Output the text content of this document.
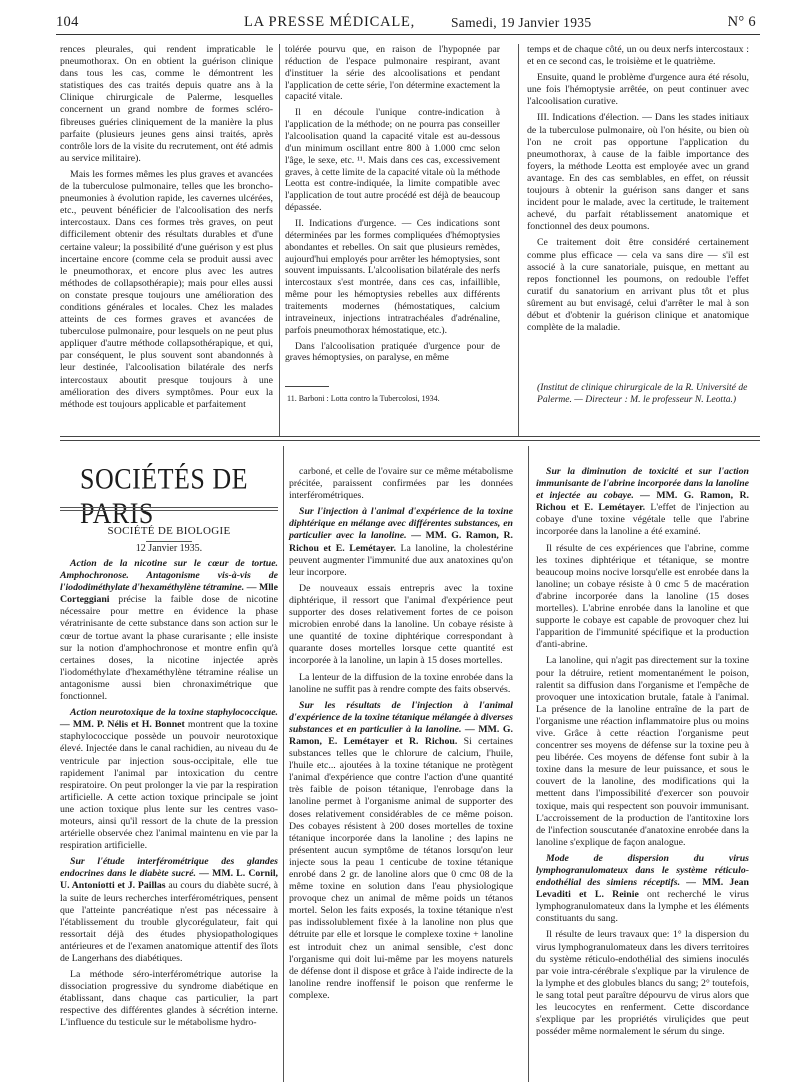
104	LA PRESSE MÉDICALE,	Samedi, 19 Janvier 1935	N° 6

rences pleurales, qui rendent impraticable le pneumothorax. On en obtient la guérison clinique dans tous les cas, comme le démontrent les statistiques des cas traités depuis quatre ans à la Clinique chirurgicale de Palerme, lesquelles concernent un grand nombre de formes scléro-fibreuses guéries cliniquement de la manière la plus parfaite (plusieurs jeunes gens ainsi traités, après contrôle lors de la visite du recrutement, ont été admis au service militaire).

Mais les formes mêmes les plus graves et avancées de la tuberculose pulmonaire, telles que les broncho-pneumonies à évolution rapide, les cavernes ulcérées, etc., peuvent bénéficier de l'alcoolisation des nerfs intercostaux. Dans ces formes très graves, on peut difficilement obtenir des résultats durables et d'une certaine valeur; la possibilité d'une guérison y est plus incertaine encore (comme cela se produit aussi avec le pneumothorax, et encore plus avec les autres méthodes de collapsothérapie); mais pour elles aussi on constate presque toujours une amélioration des conditions générales et locales. Chez les malades atteints de ces formes graves et avancées de tuberculose pulmonaire, pour lesquels on ne peut plus appliquer d'autre méthode collapsothérapique, et qui, par conséquent, le plus souvent sont abandonnés à leur destinée, l'alcoolisation bilatérale des nerfs intercostaux aboutit presque toujours à une amélioration des divers symptômes. Pour eux la méthode est toujours applicable et parfaitement

tolérée pourvu que, en raison de l'hypopnée par réduction de l'espace pulmonaire respirant, avant d'instituer la série des alcoolisations et pendant l'application de cette série, l'on détermine exactement la capacité vitale.

Il en découle l'unique contre-indication à l'application de la méthode; on ne pourra pas conseiller l'alcoolisation quand la capacité vitale est au-dessous d'un minimum oscillant entre 800 à 1.000 cmc selon l'âge, le sexe, etc. ¹¹. Mais dans ces cas, excessivement graves, à cette limite de la capacité vitale où la méthode Leotta est contre-indiquée, la limite compatible avec l'application de tout autre procédé est déjà de beaucoup dépassée.

II. Indications d'urgence. — Ces indications sont déterminées par les formes compliquées d'hémoptysies abondantes et rebelles. On sait que plusieurs remèdes, aujourd'hui employés pour arrêter les hémoptysies, sont souvent impuissants. L'alcoolisation bilatérale des nerfs intercostaux s'est montrée, dans ces cas, infaillible, même pour les hémoptysies rebelles aux différents traitements modernes (hémostatiques, calcium intraveineux, injections intratrachéales d'adrénaline, parfois pneumothorax hémostatique, etc.).

Dans l'alcoolisation pratiquée d'urgence pour de graves hémoptysies, on paralyse, en même

11. Barboni : Lotta contro la Tubercolosi, 1934.

temps et de chaque côté, un ou deux nerfs intercostaux : et en ce second cas, le troisième et le quatrième.

Ensuite, quand le problème d'urgence aura été résolu, une fois l'hémoptysie arrêtée, on peut continuer avec l'alcoolisation curative.

III. Indications d'élection. — Dans les stades initiaux de la tuberculose pulmonaire, où l'on hésite, ou bien où l'on ne croit pas opportune l'application du pneumothorax, à cause de la faible importance des foyers, la méthode Leotta est employée avec un grand avantage. En des cas semblables, en effet, on réussit toujours à obtenir la guérison sans danger et sans incident pour le malade, avec la certitude, le traitement achevé, du parfait rétablissement anatomique et fonctionnel des deux poumons.

Ce traitement doit être considéré certainement comme plus efficace — cela va sans dire — s'il est associé à la cure sanatoriale, puisque, en mettant au repos fonctionnel les poumons, on redouble l'effet curatif du sanatorium en arrivant plus tôt et plus sûrement au but envisagé, celui d'arrêter le mal à son début et d'obtenir la guérison clinique et anatomique complète de la maladie.

(Institut de clinique chirurgicale de la R. Université de Palerme. — Directeur : M. le professeur N. Leotta.)
SOCIÉTÉS DE PARIS
SOCIÉTÉ DE BIOLOGIE
12 Janvier 1935.

Action de la nicotine sur le cœur de tortue. Amphochronose. Antagonisme vis-à-vis de l'iododiméthylate d'hexaméthylène tétramine. — Mlle Corteggiani précise la faible dose de nicotine nécessaire pour mettre en évidence la phase vératrinisante de cette substance dans son action sur le cœur de tortue avant la phase curarisante ; elle insiste sur la notion d'amphochronose et montre enfin qu'à certaines doses, la nicotine injectée après l'iodométhylate d'hexaméthylène tétramine réalise un antagonisme aussi bien chronaximétrique que fonctionnel.

Action neurotoxique de la toxine staphylococcique. — MM. P. Nélis et H. Bonnet montrent que la toxine staphylococcique possède un pouvoir neurotoxique élevé. Injectée dans le canal rachidien, au niveau du 4e ventricule par injection sous-occipitale, elle tue rapidement l'animal par intoxication du centre respiratoire. On peut prolonger la vie par la respiration artificielle. A cette action toxique principale se joint une action toxique plus lente sur les centres vaso-moteurs, ainsi qu'il ressort de la chute de la pression artérielle observée chez l'animal maintenu en vie par la respiration artificielle.

Sur l'étude interférométrique des glandes endocrines dans le diabète sucré. — MM. L. Cornil, U. Antoniotti et J. Paillas au cours du diabète sucré, à la suite de leurs recherches interférométriques, pensent que l'atteinte pancréatique n'est pas nécessaire à l'établissement du trouble glycorégulateur, fait qui ressortait déjà des études physiopathologiques antérieures et de l'examen anatomique attentif des îlots de Langerhans des diabétiques.

La méthode séro-interférométrique autorise la dissociation progressive du syndrome diabétique en établissant, dans chaque cas particulier, la part respective des différentes glandes à sécrétion interne. L'influence du testicule sur le métabolisme hydro-

carboné, et celle de l'ovaire sur ce même métabolisme précitée, paraissent confirmées par les données interférométriques.

Sur l'injection à l'animal d'expérience de la toxine diphtérique en mélange avec différentes substances, en particulier avec la lanoline. — MM. G. Ramon, R. Richou et E. Lemétayer. La lanoline, la cholestérine peuvent augmenter l'immunité due aux anatoxines qu'on leur incorpore.

De nouveaux essais entrepris avec la toxine diphtérique, il ressort que l'animal d'expérience peut supporter des doses relativement fortes de ce poison microbien enrobé dans la lanoline. Un cobaye résiste à une quantité de toxine diphtérique correspondant à quarante doses mortelles lorsque cette quantité est incorporée à la lanoline, un lapin à 15 doses mortelles.

La lenteur de la diffusion de la toxine enrobée dans la lanoline ne suffit pas à rendre compte des faits observés.

Sur les résultats de l'injection à l'animal d'expérience de la toxine tétanique mélangée à diverses substances et en particulier à la lanoline. — MM. G. Ramon, E. Lemétayer et R. Richou. Si certaines substances telles que le chlorure de calcium, l'huile, l'huile etc... ajoutées à la toxine tétanique ne protègent l'animal d'expérience que contre l'action d'une quantité très faible de poison tétanique, l'enrobage dans la lanoline permet à l'organisme animal de supporter des doses relativement considérables de ce même poison. Des cobayes résistent à 200 doses mortelles de toxine tétanique incorporée dans la lanoline ; des lapins ne présentent aucun symptôme de tétanos lorsqu'on leur injecte sous la peau 1 centicube de toxine tétanique enrobé dans 2 gr. de lanoline alors que 0 cmc 08 de la même toxine en solution dans l'eau physiologique provoque chez un animal de même poids un tétanos mortel. Selon les faits exposés, la toxine tétanique n'est pas indissolublement fixée à la lanoline non plus que détruite par elle et lorsque le complexe toxine + lanoline est introduit chez un animal sensible, c'est donc l'organisme qui doit lui-même par les moyens naturels de défense dont il dispose et grâce à l'aide indirecte de la lanoline rendre inoffensif le poison que renferme le complexe.

Sur la diminution de toxicité et sur l'action immunisante de l'abrine incorporée dans la lanoline et injectée au cobaye. — MM. G. Ramon, R. Richou et E. Lemétayer. L'effet de l'injection au cobaye d'une toxine végétale telle que l'abrine incorporée dans la lanoline a été examiné.

Il résulte de ces expériences que l'abrine, comme les toxines diphtérique et tétanique, se montre beaucoup moins nocive lorsqu'elle est enrobée dans la lanoline; un cobaye résiste à 0 cmc 5 de macération d'abrine incorporée dans la lanoline (15 doses mortelles). L'abrine enrobée dans la lanoline et que supporte le cobaye est capable de provoquer chez lui l'apparition de l'immunité spécifique et la production d'anti-abrine.

La lanoline, qui n'agit pas directement sur la toxine pour la détruire, retient momentanément le poison, ralentit sa diffusion dans l'organisme et l'empêche de provoquer une intoxication brutale, fatale à l'animal. La présence de la lanoline entraîne de la part de l'organisme une réaction inflammatoire plus ou moins vive. Grâce à cette réaction l'organisme peut concentrer ses moyens de défense sur la toxine peu à peu libérée. Ces moyens de défense font subir à la toxine dans la mesure de leur puissance, et sous le couvert de la lanoline, des modifications qui la mettent dans l'impossibilité d'exercer son pouvoir toxique, mais qui respectent son pouvoir immunisant. L'accroissement de la production de l'antitoxine lors de l'infection souscutanée d'anatoxine enrobée dans la lanoline s'explique de façon analogue.

Mode de dispersion du virus lymphogranulomateux dans le système réticulo-endothélial des simiens réceptifs. — MM. Jean Levaditi et L. Reinie ont recherché le virus lymphogranulomateux dans la lymphe et les éléments constituants du sang.

Il résulte de leurs travaux que: 1° la dispersion du virus lymphogranulomateux dans les divers territoires du système réticulo-endothélial des simiens inoculés par voie intra-cérébrale s'explique par la virulence de la lymphe et des globules blancs du sang; 2° toutefois, le sang total peut paraître dépourvu de virus alors que les leucocytes en renferment. Cette discordance s'explique par les propriétés viruliçides que peut posséder même normalement le sérum du singe.
